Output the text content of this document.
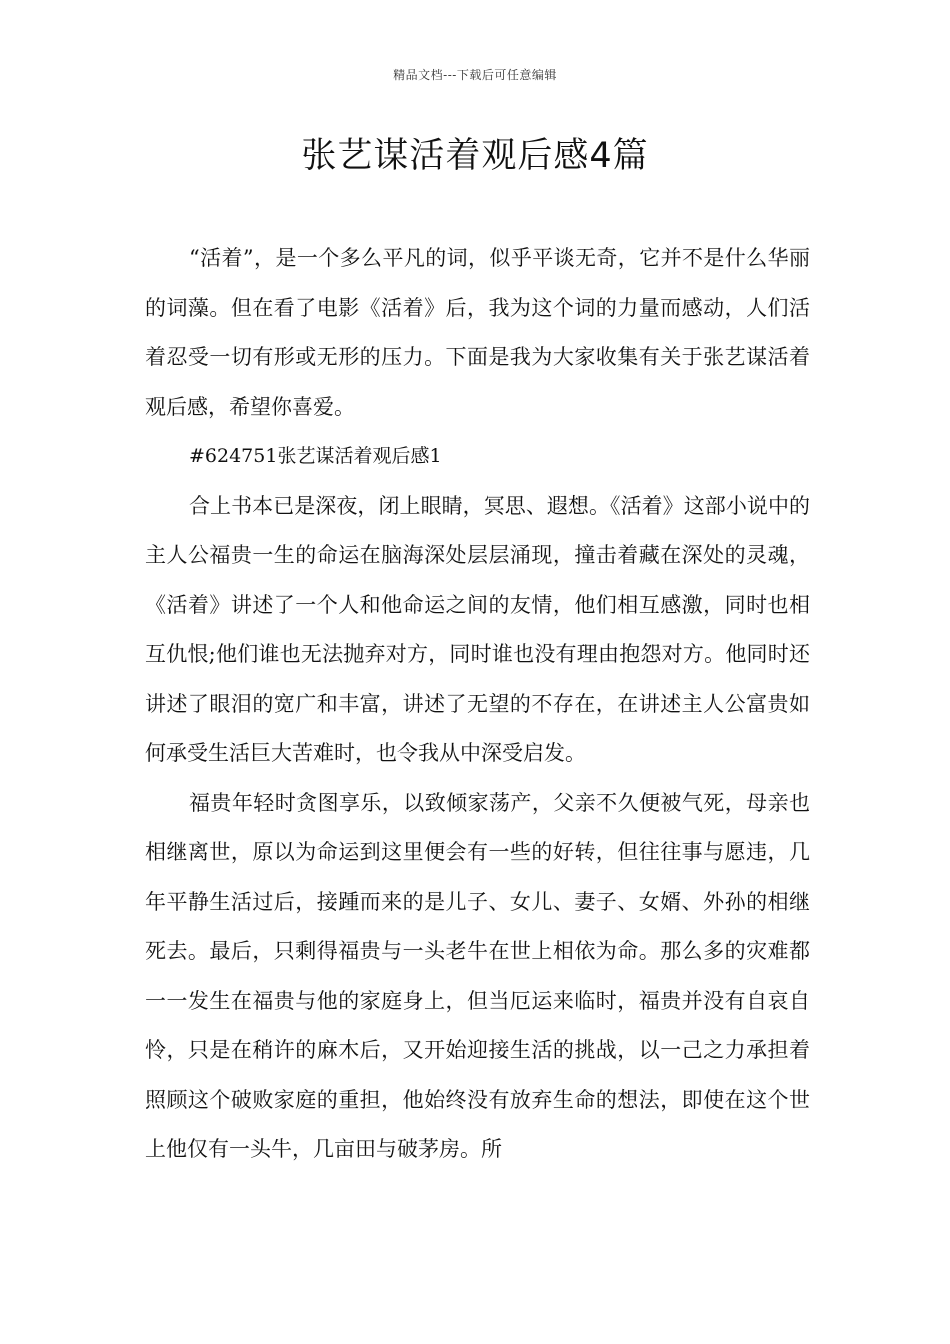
精品文档---下载后可任意编辑
张艺谋活着观后感4篇

“活着”，是一个多么平凡的词，似乎平谈无奇，它并不是什么华丽的词藻。但在看了电影《活着》后，我为这个词的力量而感动，人们活着忍受一切有形或无形的压力。下面是我为大家收集有关于张艺谋活着观后感，希望你喜爱。

#624751张艺谋活着观后感1

合上书本已是深夜，闭上眼睛，冥思、遐想。《活着》这部小说中的主人公福贵一生的命运在脑海深处层层涌现，撞击着藏在深处的灵魂，《活着》讲述了一个人和他命运之间的友情，他们相互感激，同时也相互仇恨;他们谁也无法抛弃对方，同时谁也没有理由抱怨对方。他同时还讲述了眼泪的宽广和丰富，讲述了无望的不存在，在讲述主人公富贵如何承受生活巨大苦难时，也令我从中深受启发。

福贵年轻时贪图享乐，以致倾家荡产，父亲不久便被气死，母亲也相继离世，原以为命运到这里便会有一些的好转，但往往事与愿违，几年平静生活过后，接踵而来的是儿子、女儿、妻子、女婿、外孙的相继死去。最后，只剩得福贵与一头老牛在世上相依为命。那么多的灾难都一一发生在福贵与他的家庭身上，但当厄运来临时，福贵并没有自哀自怜，只是在稍许的麻木后，又开始迎接生活的挑战，以一己之力承担着照顾这个破败家庭的重担，他始终没有放弃生命的想法，即使在这个世上他仅有一头牛，几亩田与破茅房。所
